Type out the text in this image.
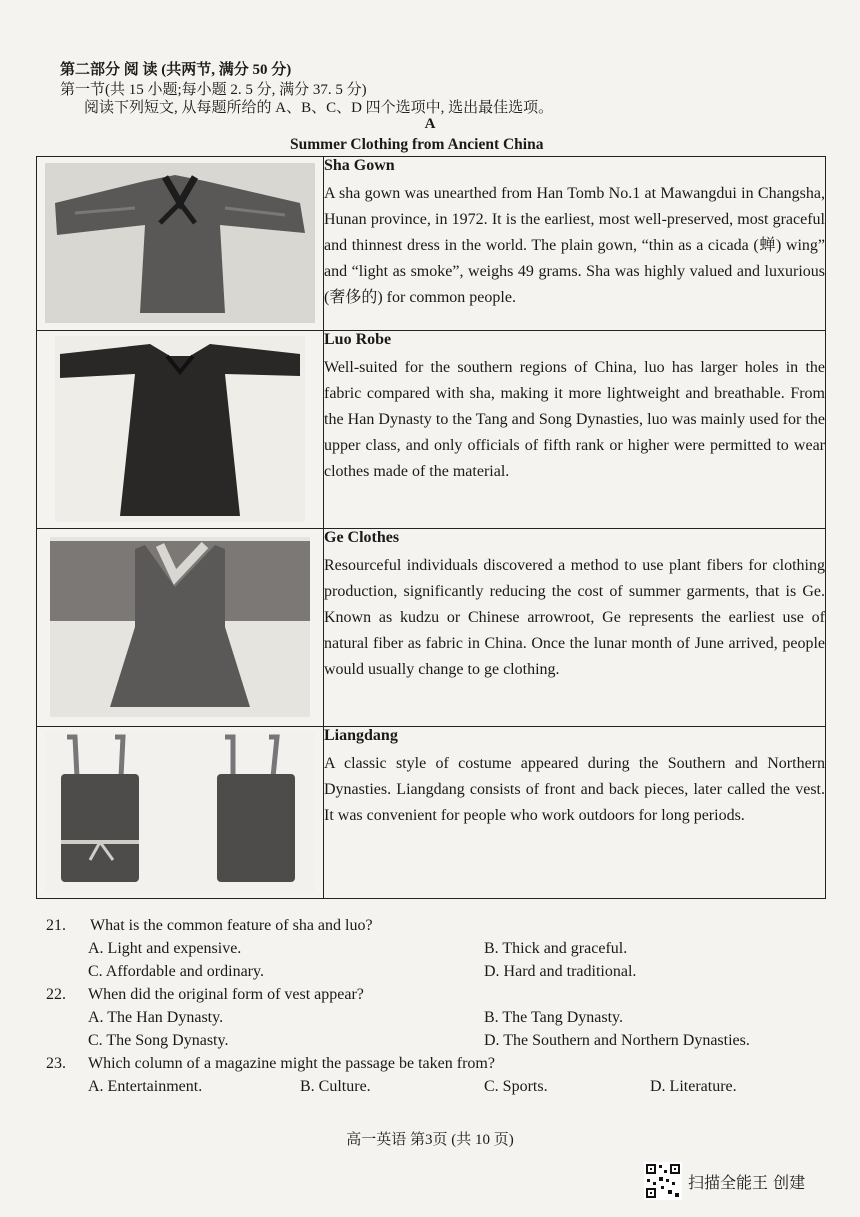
第二部分 阅 读 (共两节, 满分 50 分)
第一节(共 15 小题;每小题 2. 5 分, 满分 37. 5 分)
阅读下列短文, 从每题所给的 A、B、C、D 四个选项中, 选出最佳选项。
A
Summer Clothing from Ancient China

Sha Gown
A sha gown was unearthed from Han Tomb No.1 at Mawangdui in Changsha, Hunan province, in 1972. It is the earliest, most well-preserved, most graceful and thinnest dress in the world. The plain gown, “thin as a cicada (蝉) wing” and “light as smoke”, weighs 49 grams. Sha was highly valued and luxurious (奢侈的) for common people.

Luo Robe
Well-suited for the southern regions of China, luo has larger holes in the fabric compared with sha, making it more lightweight and breathable. From the Han Dynasty to the Tang and Song Dynasties, luo was mainly used for the upper class, and only officials of fifth rank or higher were permitted to wear clothes made of the material.

Ge Clothes
Resourceful individuals discovered a method to use plant fibers for clothing production, significantly reducing the cost of summer garments, that is Ge. Known as kudzu or Chinese arrowroot, Ge represents the earliest use of natural fiber as fabric in China. Once the lunar month of June arrived, people would usually change to ge clothing.

Liangdang
A classic style of costume appeared during the Southern and Northern Dynasties. Liangdang consists of front and back pieces, later called the vest. It was convenient for people who work outdoors for long periods.
21. What is the common feature of sha and luo?
A. Light and expensive.	B. Thick and graceful.
C. Affordable and ordinary.	D. Hard and traditional.
22. When did the original form of vest appear?
A. The Han Dynasty.	B. The Tang Dynasty.
C. The Song Dynasty.	D. The Southern and Northern Dynasties.
23. Which column of a magazine might the passage be taken from?
A. Entertainment.	B. Culture.	C. Sports.	D. Literature.
高一英语 第3页 (共 10 页)
扫描全能王 创建
